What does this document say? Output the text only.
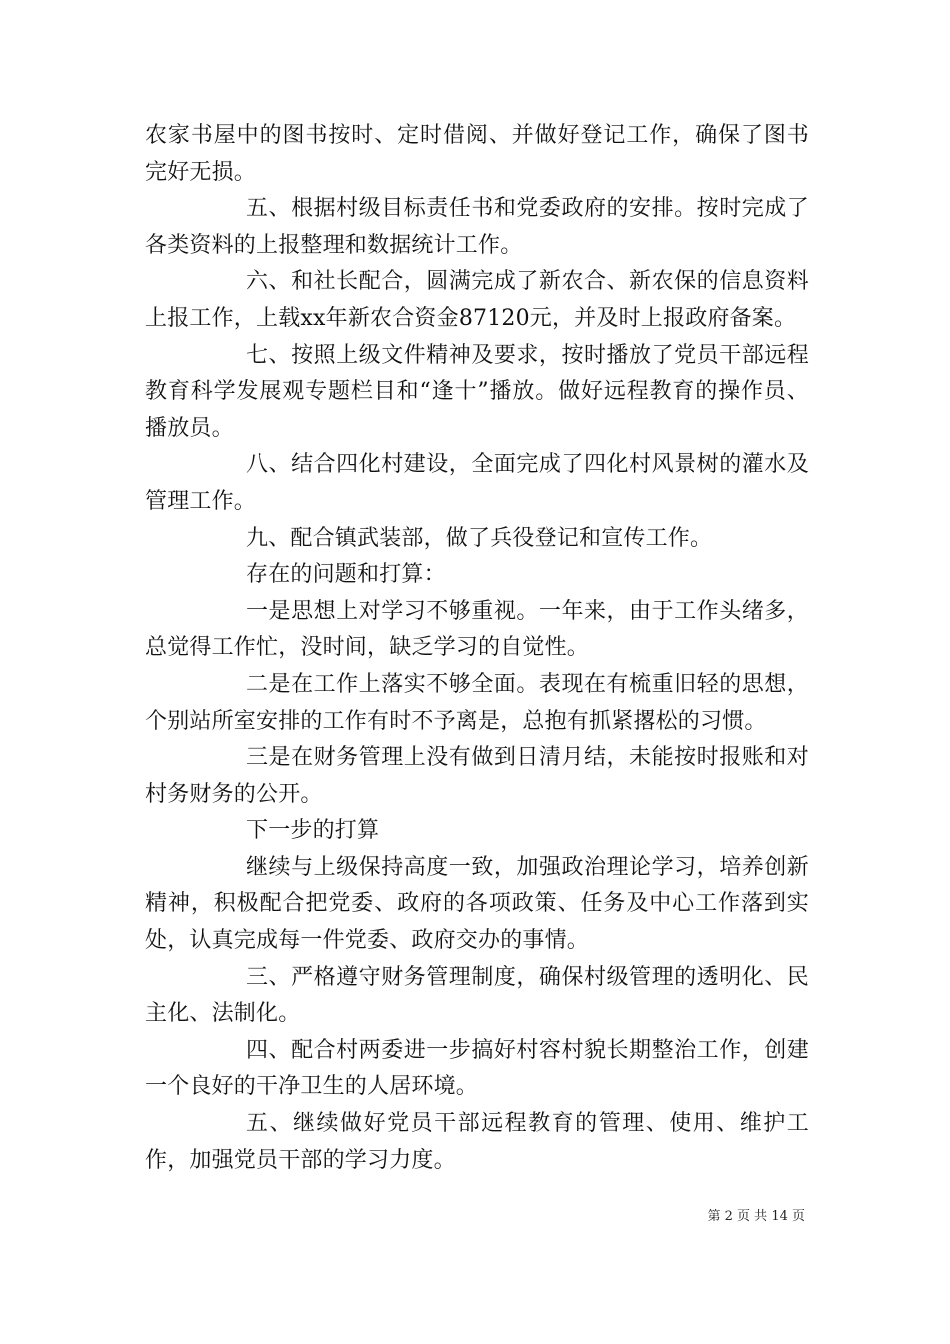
农家书屋中的图书按时、定时借阅、并做好登记工作，确保了图书完好无损。

五、根据村级目标责任书和党委政府的安排。按时完成了各类资料的上报整理和数据统计工作。

六、和社长配合，圆满完成了新农合、新农保的信息资料上报工作，上载xx年新农合资金87120元，并及时上报政府备案。

七、按照上级文件精神及要求，按时播放了党员干部远程教育科学发展观专题栏目和“逢十”播放。做好远程教育的操作员、播放员。

八、结合四化村建设，全面完成了四化村风景树的灌水及管理工作。

九、配合镇武装部，做了兵役登记和宣传工作。

存在的问题和打算：

一是思想上对学习不够重视。一年来，由于工作头绪多，总觉得工作忙，没时间，缺乏学习的自觉性。

二是在工作上落实不够全面。表现在有梳重旧轻的思想，个别站所室安排的工作有时不予离是，总抱有抓紧撂松的习惯。

三是在财务管理上没有做到日清月结，未能按时报账和对村务财务的公开。

下一步的打算

继续与上级保持高度一致，加强政治理论学习，培养创新精神，积极配合把党委、政府的各项政策、任务及中心工作落到实处，认真完成每一件党委、政府交办的事情。

三、严格遵守财务管理制度，确保村级管理的透明化、民主化、法制化。

四、配合村两委进一步搞好村容村貌长期整治工作，创建一个良好的干净卫生的人居环境。

五、继续做好党员干部远程教育的管理、使用、维护工作，加强党员干部的学习力度。

第 2 页 共 14 页
